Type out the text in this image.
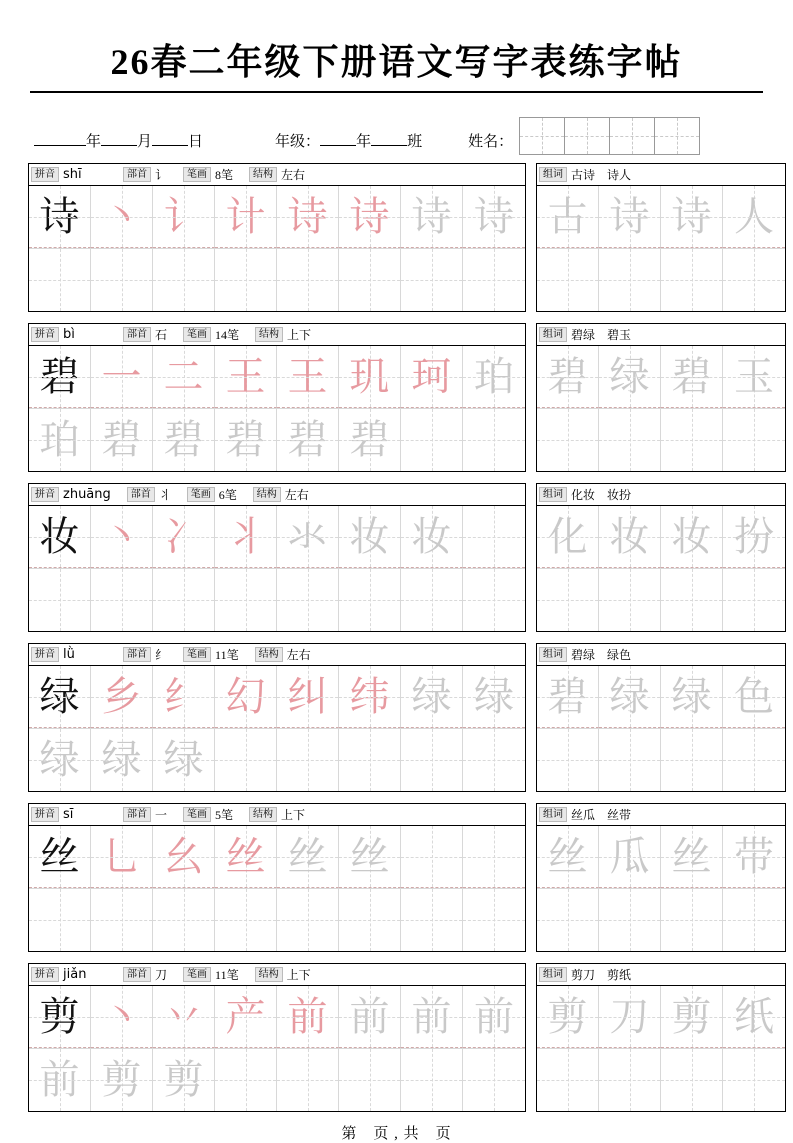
26春二年级下册语文写字表练字帖
年 月 日	年级： 年 班	姓名：
拼音 shī	部首 讠	笔画 8笔	结构 左右
诗 丶 讠 计 诗 诗 诗 诗
组词 古诗 诗人
古 诗 诗 人
拼音 bì	部首 石	笔画 14笔	结构 上下
碧 一 二 王 王 玑 珂 珀
珀 碧 碧 碧 碧 碧
组词 碧绿 碧玉
碧 绿 碧 玉
拼音 zhuāng	部首 丬	笔画 6笔	结构 左右
妆 丶 冫 丬 氺 妆 妆
组词 化妆 妆扮
化 妆 妆 扮
拼音 lǜ	部首 纟	笔画 11笔	结构 左右
绿 乡 纟 幻 纠 纬 绿 绿
绿 绿 绿
组词 碧绿 绿色
碧 绿 绿 色
拼音 sī	部首 一	笔画 5笔	结构 上下
丝 乚 幺 丝 丝 丝
组词 丝瓜 丝带
丝 瓜 丝 带
拼音 jiǎn	部首 刀	笔画 11笔	结构 上下
剪 丶 丷 产 前 前 前 前
前 剪 剪
组词 剪刀 剪纸
剪 刀 剪 纸
第　页 , 共　页
